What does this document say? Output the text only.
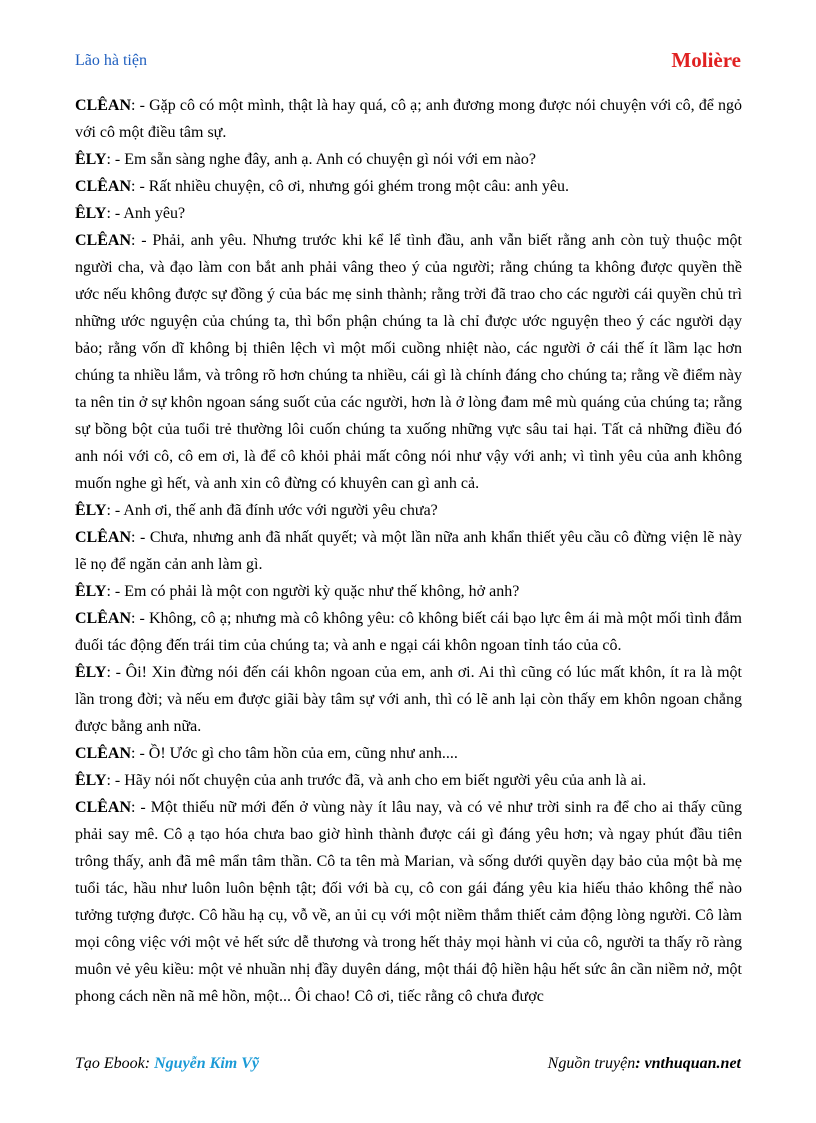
Lão hà tiện	Molière

CLÊAN: - Gặp cô có một mình, thật là hay quá, cô ạ; anh đương mong được nói chuyện với cô, để ngỏ với cô một điều tâm sự.

ÊLY: - Em sẵn sàng nghe đây, anh ạ. Anh có chuyện gì nói với em nào?

CLÊAN: - Rất nhiều chuyện, cô ơi, nhưng gói ghém trong một câu: anh yêu.

ÊLY: - Anh yêu?

CLÊAN: - Phải, anh yêu. Nhưng trước khi kể lể tình đầu, anh vẫn biết rằng anh còn tuỳ thuộc một người cha, và đạo làm con bắt anh phải vâng theo ý của người; rằng chúng ta không được quyền thề ước nếu không được sự đồng ý của bác mẹ sinh thành; rằng trời đã trao cho các người cái quyền chủ trì những ước nguyện của chúng ta, thì bổn phận chúng ta là chỉ được ước nguyện theo ý các người dạy bảo; rằng vốn dĩ không bị thiên lệch vì một mối cuồng nhiệt nào, các người ở cái thế ít lầm lạc hơn chúng ta nhiều lắm, và trông rõ hơn chúng ta nhiều, cái gì là chính đáng cho chúng ta; rằng về điểm này ta nên tin ở sự khôn ngoan sáng suốt của các người, hơn là ở lòng đam mê mù quáng của chúng ta; rằng sự bồng bột của tuổi trẻ thường lôi cuốn chúng ta xuống những vực sâu tai hại. Tất cả những điều đó anh nói với cô, cô em ơi, là để cô khỏi phải mất công nói như vậy với anh; vì tình yêu của anh không muốn nghe gì hết, và anh xin cô đừng có khuyên can gì anh cả.

ÊLY: - Anh ơi, thế anh đã đính ước với người yêu chưa?

CLÊAN: - Chưa, nhưng anh đã nhất quyết; và một lần nữa anh khẩn thiết yêu cầu cô đừng viện lẽ này lẽ nọ để ngăn cản anh làm gì.

ÊLY: - Em có phải là một con người kỳ quặc như thế không, hở anh?

CLÊAN: - Không, cô ạ; nhưng mà cô không yêu: cô không biết cái bạo lực êm ái mà một mối tình đắm đuối tác động đến trái tim của chúng ta; và anh e ngại cái khôn ngoan tỉnh táo của cô.

ÊLY: - Ôi! Xin đừng nói đến cái khôn ngoan của em, anh ơi. Ai thì cũng có lúc mất khôn, ít ra là một lần trong đời; và nếu em được giãi bày tâm sự với anh, thì có lẽ anh lại còn thấy em khôn ngoan chẳng được bằng anh nữa.

CLÊAN: - Ồ! Ước gì cho tâm hồn của em, cũng như anh....

ÊLY: - Hãy nói nốt chuyện của anh trước đã, và anh cho em biết người yêu của anh là ai.

CLÊAN: - Một thiếu nữ mới đến ở vùng này ít lâu nay, và có vẻ như trời sinh ra để cho ai thấy cũng phải say mê. Cô ạ tạo hóa chưa bao giờ hình thành được cái gì đáng yêu hơn; và ngay phút đầu tiên trông thấy, anh đã mê mẩn tâm thần. Cô ta tên mà Marian, và sống dưới quyền dạy bảo của một bà mẹ tuổi tác, hầu như luôn luôn bệnh tật; đối với bà cụ, cô con gái đáng yêu kia hiếu thảo không thể nào tưởng tượng được. Cô hầu hạ cụ, vỗ về, an ủi cụ với một niềm thắm thiết cảm động lòng người. Cô làm mọi công việc với một vẻ hết sức dễ thương và trong hết thảy mọi hành vi của cô, người ta thấy rõ ràng muôn vẻ yêu kiều: một vẻ nhuần nhị đầy duyên dáng, một thái độ hiền hậu hết sức ân cần niềm nở, một phong cách nền nã mê hồn, một... Ôi chao! Cô ơi, tiếc rằng cô chưa được

Tạo Ebook: Nguyễn Kim Vỹ	Nguồn truyện: vnthuquan.net
